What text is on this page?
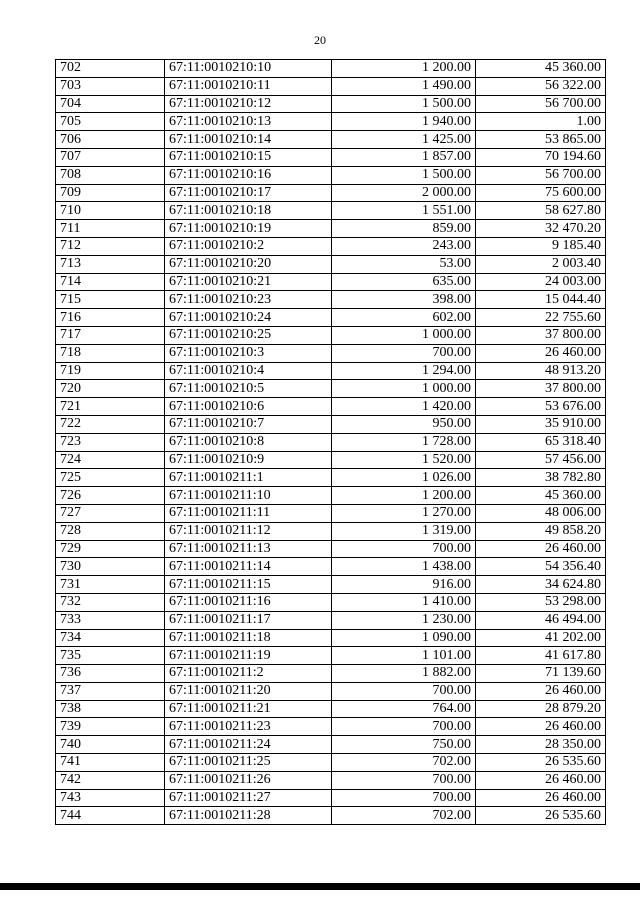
20
702	67:11:0010210:10	1 200.00	45 360.00
703	67:11:0010210:11	1 490.00	56 322.00
704	67:11:0010210:12	1 500.00	56 700.00
705	67:11:0010210:13	1 940.00	1.00
706	67:11:0010210:14	1 425.00	53 865.00
707	67:11:0010210:15	1 857.00	70 194.60
708	67:11:0010210:16	1 500.00	56 700.00
709	67:11:0010210:17	2 000.00	75 600.00
710	67:11:0010210:18	1 551.00	58 627.80
711	67:11:0010210:19	859.00	32 470.20
712	67:11:0010210:2	243.00	9 185.40
713	67:11:0010210:20	53.00	2 003.40
714	67:11:0010210:21	635.00	24 003.00
715	67:11:0010210:23	398.00	15 044.40
716	67:11:0010210:24	602.00	22 755.60
717	67:11:0010210:25	1 000.00	37 800.00
718	67:11:0010210:3	700.00	26 460.00
719	67:11:0010210:4	1 294.00	48 913.20
720	67:11:0010210:5	1 000.00	37 800.00
721	67:11:0010210:6	1 420.00	53 676.00
722	67:11:0010210:7	950.00	35 910.00
723	67:11:0010210:8	1 728.00	65 318.40
724	67:11:0010210:9	1 520.00	57 456.00
725	67:11:0010211:1	1 026.00	38 782.80
726	67:11:0010211:10	1 200.00	45 360.00
727	67:11:0010211:11	1 270.00	48 006.00
728	67:11:0010211:12	1 319.00	49 858.20
729	67:11:0010211:13	700.00	26 460.00
730	67:11:0010211:14	1 438.00	54 356.40
731	67:11:0010211:15	916.00	34 624.80
732	67:11:0010211:16	1 410.00	53 298.00
733	67:11:0010211:17	1 230.00	46 494.00
734	67:11:0010211:18	1 090.00	41 202.00
735	67:11:0010211:19	1 101.00	41 617.80
736	67:11:0010211:2	1 882.00	71 139.60
737	67:11:0010211:20	700.00	26 460.00
738	67:11:0010211:21	764.00	28 879.20
739	67:11:0010211:23	700.00	26 460.00
740	67:11:0010211:24	750.00	28 350.00
741	67:11:0010211:25	702.00	26 535.60
742	67:11:0010211:26	700.00	26 460.00
743	67:11:0010211:27	700.00	26 460.00
744	67:11:0010211:28	702.00	26 535.60
